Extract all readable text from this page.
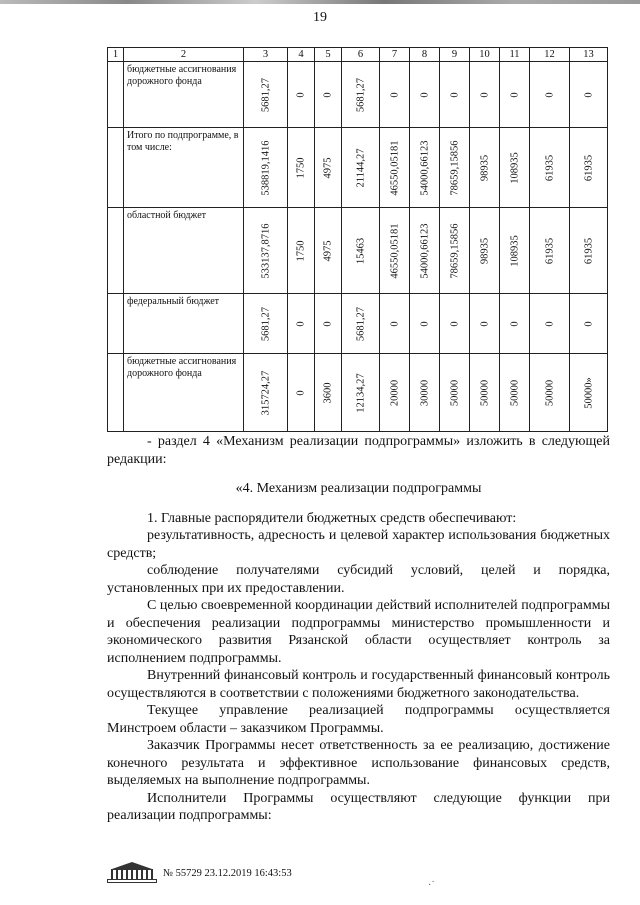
19
1	2	3	4	5	6	7	8	9	10	11	12	13
	бюджетные ассигнования дорожного фонда	5681,27	0	0	5681,27	0	0	0	0	0	0	0

	Итого по подпрограмме, в том числе:	538819,1416	1750	4975	21144,27	46550,05181	54000,66123	78659,15856	98935	108935	61935	61935

	областной бюджет	533137,8716	1750	4975	15463	46550,05181	54000,66123	78659,15856	98935	108935	61935	61935

	федеральный бюджет	5681,27	0	0	5681,27	0	0	0	0	0	0	0

	бюджетные ассигнования дорожного фонда	315724,27	0	3600	12134,27	20000	30000	50000	50000	50000	50000	50000»

- раздел 4 «Механизм реализации подпрограммы» изложить в следующей редакции:

«4. Механизм реализации подпрограммы

1. Главные распорядители бюджетных средств обеспечивают:

результативность, адресность и целевой характер использования бюджетных средств;

соблюдение получателями субсидий условий, целей и порядка, установленных при их предоставлении.

С целью своевременной координации действий исполнителей подпрограммы и обеспечения реализации подпрограммы министерство промышленности и экономического развития Рязанской области осуществляет контроль за исполнением подпрограммы.

Внутренний финансовый контроль и государственный финансовый контроль осуществляются в соответствии с положениями бюджетного законодательства.

Текущее управление реализацией подпрограммы осуществляется Минстроем области – заказчиком Программы.

Заказчик Программы несет ответственность за ее реализацию, достижение конечного результата и эффективное использование финансовых средств, выделяемых на выполнение подпрограммы.

Исполнители Программы осуществляют следующие функции при реализации подпрограммы:

№ 55729 23.12.2019 16:43:53
·˙
